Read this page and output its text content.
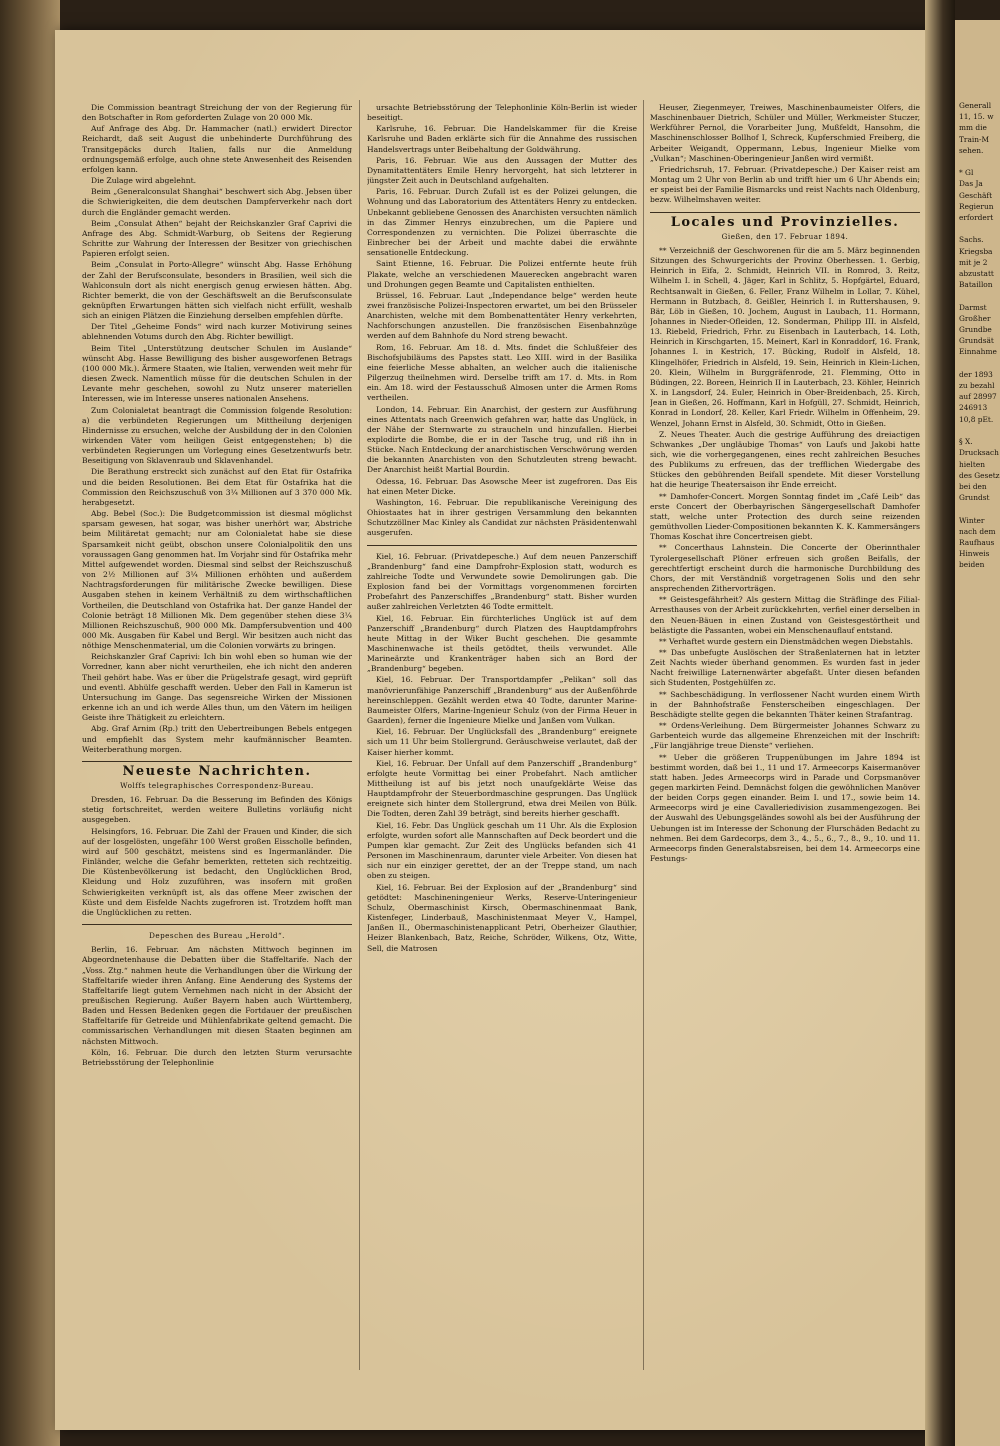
Die Commission beantragt Streichung der von der Regierung für den Botschafter in Rom geforderten Zulage von 20 000 Mk.

Auf Anfrage des Abg. Dr. Hammacher (natl.) erwidert Director Reichardt, daß seit August die unbehinderte Durchführung des Transitgepäcks durch Italien, falls nur die Anmeldung ordnungsgemäß erfolge, auch ohne stete Anwesenheit des Reisenden erfolgen kann.

Die Zulage wird abgelehnt.

Beim „Generalconsulat Shanghai“ beschwert sich Abg. Jebsen über die Schwierigkeiten, die dem deutschen Dampferverkehr nach dort durch die Engländer gemacht werden.

Beim „Consulat Athen“ bejaht der Reichskanzler Graf Caprivi die Anfrage des Abg. Schmidt-Warburg, ob Seitens der Regierung Schritte zur Wahrung der Interessen der Besitzer von griechischen Papieren erfolgt seien.

Beim „Consulat in Porto-Allegre“ wünscht Abg. Hasse Erhöhung der Zahl der Berufsconsulate, besonders in Brasilien, weil sich die Wahlconsuln dort als nicht energisch genug erwiesen hätten. Abg. Richter bemerkt, die von der Geschäftswelt an die Berufsconsulate geknüpften Erwartungen hätten sich vielfach nicht erfüllt, weshalb sich an einigen Plätzen die Einziehung derselben empfehlen dürfte.

Der Titel „Geheime Fonds“ wird nach kurzer Motivirung seines ablehnenden Votums durch den Abg. Richter bewilligt.

Beim Titel „Unterstützung deutscher Schulen im Auslande“ wünscht Abg. Hasse Bewilligung des bisher ausgeworfenen Betrags (100 000 Mk.). Ärmere Staaten, wie Italien, verwenden weit mehr für diesen Zweck. Namentlich müsse für die deutschen Schulen in der Levante mehr geschehen, sowohl zu Nutz unserer materiellen Interessen, wie im Interesse unseres nationalen Ansehens.

Zum Colonialetat beantragt die Commission folgende Resolution: a) die verbündeten Regierungen um Mittheilung derjenigen Hindernisse zu ersuchen, welche der Ausbildung der in den Colonien wirkenden Väter vom heiligen Geist entgegenstehen; b) die verbündeten Regierungen um Vorlegung eines Gesetzentwurfs betr. Beseitigung von Sklavenraub und Sklavenhandel.

Die Berathung erstreckt sich zunächst auf den Etat für Ostafrika und die beiden Resolutionen. Bei dem Etat für Ostafrika hat die Commission den Reichszuschuß von 3¼ Millionen auf 3 370 000 Mk. herabgesetzt.

Abg. Bebel (Soc.): Die Budgetcommission ist diesmal möglichst sparsam gewesen, hat sogar, was bisher unerhört war, Abstriche beim Militäretat gemacht; nur am Colonialetat habe sie diese Sparsamkeit nicht geübt, obschon unsere Colonialpolitik den uns voraussagen Gang genommen hat. Im Vorjahr sind für Ostafrika mehr Mittel aufgewendet worden. Diesmal sind selbst der Reichszuschuß von 2½ Millionen auf 3¼ Millionen erhöhten und außerdem Nachtragsforderungen für militärische Zwecke bewilligen. Diese Ausgaben stehen in keinem Verhältniß zu dem wirthschaftlichen Vortheilen, die Deutschland von Ostafrika hat. Der ganze Handel der Colonie beträgt 18 Millionen Mk. Dem gegenüber stehen diese 3¼ Millionen Reichszuschuß, 900 000 Mk. Dampfersubvention und 400 000 Mk. Ausgaben für Kabel und Bergl. Wir besitzen auch nicht das nöthige Menschenmaterial, um die Colonien vorwärts zu bringen.

Reichskanzler Graf Caprivi: Ich bin wohl eben so human wie der Vorredner, kann aber nicht verurtheilen, ehe ich nicht den anderen Theil gehört habe. Was er über die Prügelstrafe gesagt, wird geprüft und eventl. Abhülfe geschafft werden. Ueber den Fall in Kamerun ist Untersuchung im Gange. Das segensreiche Wirken der Missionen erkenne ich an und ich werde Alles thun, um den Vätern im heiligen Geiste ihre Thätigkeit zu erleichtern.

Abg. Graf Arnim (Rp.) tritt den Uebertreibungen Bebels entgegen und empfiehlt das System mehr kaufmännischer Beamten. Weiterberathung morgen.

Neueste Nachrichten.
Wolffs telegraphisches Correspondenz-Bureau.

Dresden, 16. Februar. Da die Besserung im Befinden des Königs stetig fortschreitet, werden weitere Bulletins vorläufig nicht ausgegeben.

Helsingfors, 16. Februar. Die Zahl der Frauen und Kinder, die sich auf der losgelösten, ungefähr 100 Werst großen Eisscholle befinden, wird auf 500 geschätzt, meistens sind es Ingermanländer. Die Finländer, welche die Gefahr bemerkten, retteten sich rechtzeitig. Die Küstenbevölkerung ist bedacht, den Unglücklichen Brod, Kleidung und Holz zuzuführen, was insofern mit großen Schwierigkeiten verknüpft ist, als das offene Meer zwischen der Küste und dem Eisfelde Nachts zugefroren ist. Trotzdem hofft man die Unglücklichen zu retten.

Depeschen des Bureau „Herold“.

Berlin, 16. Februar. Am nächsten Mittwoch beginnen im Abgeordnetenhause die Debatten über die Staffeltarife. Nach der „Voss. Ztg.“ nahmen heute die Verhandlungen über die Wirkung der Staffeltarife wieder ihren Anfang. Eine Aenderung des Systems der Staffeltarife liegt gutem Vernehmen nach nicht in der Absicht der preußischen Regierung. Außer Bayern haben auch Württemberg, Baden und Hessen Bedenken gegen die Fortdauer der preußischen Staffeltarife für Getreide und Mühlenfabrikate geltend gemacht. Die commissarischen Verhandlungen mit diesen Staaten beginnen am nächsten Mittwoch.

Köln, 16. Februar. Die durch den letzten Sturm verursachte Betriebsstörung der Telephonlinie

ursachte Betriebsstörung der Telephonlinie Köln-Berlin ist wieder beseitigt.

Karlsruhe, 16. Februar. Die Handelskammer für die Kreise Karlsruhe und Baden erklärte sich für die Annahme des russischen Handelsvertrags unter Beibehaltung der Goldwährung.

Paris, 16. Februar. Wie aus den Aussagen der Mutter des Dynamitattentäters Emile Henry hervorgeht, hat sich letzterer in jüngster Zeit auch in Deutschland aufgehalten.

Paris, 16. Februar. Durch Zufall ist es der Polizei gelungen, die Wohnung und das Laboratorium des Attentäters Henry zu entdecken. Unbekannt gebliebene Genossen des Anarchisten versuchten nämlich in das Zimmer Henrys einzubrechen, um die Papiere und Correspondenzen zu vernichten. Die Polizei überraschte die Einbrecher bei der Arbeit und machte dabei die erwähnte sensationelle Entdeckung.

Saint Etienne, 16. Februar. Die Polizei entfernte heute früh Plakate, welche an verschiedenen Mauerecken angebracht waren und Drohungen gegen Beamte und Capitalisten enthielten.

Brüssel, 16. Februar. Laut „Independance belge“ werden heute zwei französische Polizei-Inspectoren erwartet, um bei den Brüsseler Anarchisten, welche mit dem Bombenattentäter Henry verkehrten, Nachforschungen anzustellen. Die französischen Eisenbahnzüge werden auf dem Bahnhofe du Nord streng bewacht.

Rom, 16. Februar. Am 18. d. Mts. findet die Schlußfeier des Bischofsjubiläums des Papstes statt. Leo XIII. wird in der Basilika eine feierliche Messe abhalten, an welcher auch die italienische Pilgerzug theilnehmen wird. Derselbe trifft am 17. d. Mts. in Rom ein. Am 18. wird der Festausschuß Almosen unter die Armen Roms vertheilen.

London, 14. Februar. Ein Anarchist, der gestern zur Ausführung eines Attentats nach Greenwich gefahren war, hatte das Unglück, in der Nähe der Sternwarte zu straucheln und hinzufallen. Hierbei explodirte die Bombe, die er in der Tasche trug, und riß ihn in Stücke. Nach Entdeckung der anarchistischen Verschwörung werden die bekannten Anarchisten von den Schutzleuten streng bewacht. Der Anarchist heißt Martial Bourdin.

Odessa, 16. Februar. Das Asowsche Meer ist zugefroren. Das Eis hat einen Meter Dicke.

Washington, 16. Februar. Die republikanische Vereinigung des Ohiostaates hat in ihrer gestrigen Versammlung den bekannten Schutzzöllner Mac Kinley als Candidat zur nächsten Präsidentenwahl ausgerufen.

Kiel, 16. Februar. (Privatdepesche.) Auf dem neuen Panzerschiff „Brandenburg“ fand eine Dampfrohr-Explosion statt, wodurch es zahlreiche Todte und Verwundete sowie Demolirungen gab. Die Explosion fand bei der Vormittags vorgenommenen forcirten Probefahrt des Panzerschiffes „Brandenburg“ statt. Bisher wurden außer zahlreichen Verletzten 46 Todte ermittelt.

Kiel, 16. Februar. Ein fürchterliches Unglück ist auf dem Panzerschiff „Brandenburg“ durch Platzen des Hauptdampfrohrs heute Mittag in der Wiker Bucht geschehen. Die gesammte Maschinenwache ist theils getödtet, theils verwundet. Alle Marineärzte und Krankenträger haben sich an Bord der „Brandenburg“ begeben.

Kiel, 16. Februar. Der Transportdampfer „Pelikan“ soll das manövrierunfähige Panzerschiff „Brandenburg“ aus der Außenföhrde hereinschleppen. Gezählt werden etwa 40 Todte, darunter Marine-Baumeister Olfers, Marine-Ingenieur Schulz (von der Firma Heuer in Gaarden), ferner die Ingenieure Mielke und Janßen vom Vulkan.

Kiel, 16. Februar. Der Unglücksfall des „Brandenburg“ ereignete sich um 11 Uhr beim Stollergrund. Geräuschweise verlautet, daß der Kaiser hierher kommt.

Kiel, 16. Februar. Der Unfall auf dem Panzerschiff „Brandenburg“ erfolgte heute Vormittag bei einer Probefahrt. Nach amtlicher Mittheilung ist auf bis jetzt noch unaufgeklärte Weise das Hauptdampfrohr der Steuerbordmaschine gesprungen. Das Unglück ereignete sich hinter dem Stollergrund, etwa drei Meilen von Bülk. Die Todten, deren Zahl 39 beträgt, sind bereits hierher geschafft.

Kiel, 16. Febr. Das Unglück geschah um 11 Uhr. Als die Explosion erfolgte, wurden sofort alle Mannschaften auf Deck beordert und die Pumpen klar gemacht. Zur Zeit des Unglücks befanden sich 41 Personen im Maschinenraum, darunter viele Arbeiter. Von diesen hat sich nur ein einziger gerettet, der an der Treppe stand, um nach oben zu steigen.

Kiel, 16. Februar. Bei der Explosion auf der „Brandenburg“ sind getödtet: Maschineningenieur Werks, Reserve-Unteringenieur Schulz, Obermaschinist Kirsch, Obermaschinenmaat Bank, Kistenfeger, Linderbauß, Maschinistenmaat Meyer V., Hampel, Janßen II., Obermaschinistenapplicant Petri, Oberheizer Glauthier, Heizer Blankenbach, Batz, Reiche, Schröder, Wilkens, Otz, Witte, Sell, die Matrosen

Heuser, Ziegenmeyer, Treiwes, Maschinenbaumeister Olfers, die Maschinenbauer Dietrich, Schüler und Müller, Werkmeister Stuczer, Werkführer Pernol, die Vorarbeiter Jung, Mußfeldt, Hansohm, die Maschinenschlosser Bollhof I, Schreck, Kupferschmied Freiberg, die Arbeiter Weigandt, Oppermann, Lebus, Ingenieur Mielke vom „Vulkan“; Maschinen-Oberingenieur Janßen wird vermißt.

Friedrichsruh, 17. Februar. (Privatdepesche.) Der Kaiser reist am Montag um 2 Uhr von Berlin ab und trifft hier um 6 Uhr Abends ein; er speist bei der Familie Bismarcks und reist Nachts nach Oldenburg, bezw. Wilhelmshaven weiter.

Locales und Provinzielles.
Gießen, den 17. Februar 1894.

** Verzeichniß der Geschworenen für die am 5. März beginnenden Sitzungen des Schwurgerichts der Provinz Oberhessen. 1. Gerbig, Heinrich in Eifa, 2. Schmidt, Heinrich VII. in Romrod, 3. Reitz, Wilhelm I. in Schell, 4. Jäger, Karl in Schlitz, 5. Hopfgärtel, Eduard, Rechtsanwalt in Gießen, 6. Feller, Franz Wilhelm in Lollar, 7. Kühel, Hermann in Butzbach, 8. Geißler, Heinrich I. in Ruttershausen, 9. Bär, Löb in Gießen, 10. Jochem, August in Laubach, 11. Hormann, Johannes in Nieder-Ofleiden, 12. Sonderman, Philipp III. in Alsfeld, 13. Riebeld, Friedrich, Frhr. zu Eisenbach in Lauterbach, 14. Loth, Heinrich in Kirschgarten, 15. Meinert, Karl in Konraddorf, 16. Frank, Johannes I. in Kestrich, 17. Bücking, Rudolf in Alsfeld, 18. Klingelhöfer, Friedrich in Alsfeld, 19. Sein, Heinrich in Klein-Lichen, 20. Klein, Wilhelm in Burggräfenrode, 21. Flemming, Otto in Büdingen, 22. Boreen, Heinrich II in Lauterbach, 23. Köhler, Heinrich X. in Langsdorf, 24. Euler, Heinrich in Ober-Breidenbach, 25. Kirch, Jean in Gießen, 26. Hoffmann, Karl in Hofgüll, 27. Schmidt, Heinrich, Konrad in Londorf, 28. Keller, Karl Friedr. Wilhelm in Offenheim, 29. Wenzel, Johann Ernst in Alsfeld, 30. Schmidt, Otto in Gießen.

Z. Neues Theater. Auch die gestrige Aufführung des dreiactigen Schwankes „Der ungläubige Thomas“ von Laufs und Jakobi hatte sich, wie die vorhergegangenen, eines recht zahlreichen Besuches des Publikums zu erfreuen, das der trefflichen Wiedergabe des Stückes den gebührenden Beifall spendete. Mit dieser Vorstellung hat die heurige Theatersaison ihr Ende erreicht.

** Damhofer-Concert. Morgen Sonntag findet im „Café Leib“ das erste Concert der Oberbayrischen Sängergesellschaft Damhofer statt, welche unter Protection des durch seine reizenden gemüthvollen Lieder-Compositionen bekannten K. K. Kammersängers Thomas Koschat ihre Concertreisen giebt.

** Concerthaus Lahnstein. Die Concerte der Oberinnthaler Tyrolergesellschaft Plöner erfreuen sich großen Beifalls, der gerechtfertigt erscheint durch die harmonische Durchbildung des Chors, der mit Verständniß vorgetragenen Solis und den sehr ansprechenden Zithervorträgen.

** Geistesgefährheit? Als gestern Mittag die Sträflinge des Filial-Arresthauses von der Arbeit zurückkehrten, verfiel einer derselben in den Neuen-Bäuen in einen Zustand von Geistesgestörtheit und belästigte die Passanten, wobei ein Menschenauflauf entstand.

** Verhaftet wurde gestern ein Dienstmädchen wegen Diebstahls.

** Das unbefugte Auslöschen der Straßenlaternen hat in letzter Zeit Nachts wieder überhand genommen. Es wurden fast in jeder Nacht freiwillige Laternenwärter abgefaßt. Unter diesen befanden sich Studenten, Postgehülfen zc.

** Sachbeschädigung. In verflossener Nacht wurden einem Wirth in der Bahnhofstraße Fensterscheiben eingeschlagen. Der Beschädigte stellte gegen die bekannten Thäter keinen Strafantrag.

** Ordens-Verleihung. Dem Bürgermeister Johannes Schwarz zu Garbenteich wurde das allgemeine Ehrenzeichen mit der Inschrift: „Für langjährige treue Dienste“ verliehen.

** Ueber die größeren Truppenübungen im Jahre 1894 ist bestimmt worden, daß bei 1., 11 und 17. Armeecorps Kaisermanöver statt haben. Jedes Armeecorps wird in Parade und Corpsmanöver gegen markirten Feind. Demnächst folgen die gewöhnlichen Manöver der beiden Corps gegen einander. Beim I. und 17., sowie beim 14. Armeecorps wird je eine Cavalleriedivision zusammengezogen. Bei der Auswahl des Uebungsgeländes sowohl als bei der Ausführung der Uebungen ist im Interesse der Schonung der Flurschäden Bedacht zu nehmen. Bei dem Gardecorps, dem 3., 4., 5., 6., 7., 8., 9., 10. und 11. Armeecorps finden Generalstabsreisen, bei dem 14. Armeecorps eine Festungs-

Generall
11, 15. w
mm die
Train-M
sehen.

* Gl
Das Ja
Geschäft
Regierun
erfordert

Sachs.
Kriegsba
mit je 2
abzustatt
Bataillon

Darmst
Großher
Grundbe
Grundsät
Einnahme

der 1893
zu bezahl
auf 28997
246913
10,8 pEt.

§ X.
Drucksach
hielten
des Gesetz
bei den
Grundst

Winter
nach dem
Raufhaus
Hinweis
beiden
